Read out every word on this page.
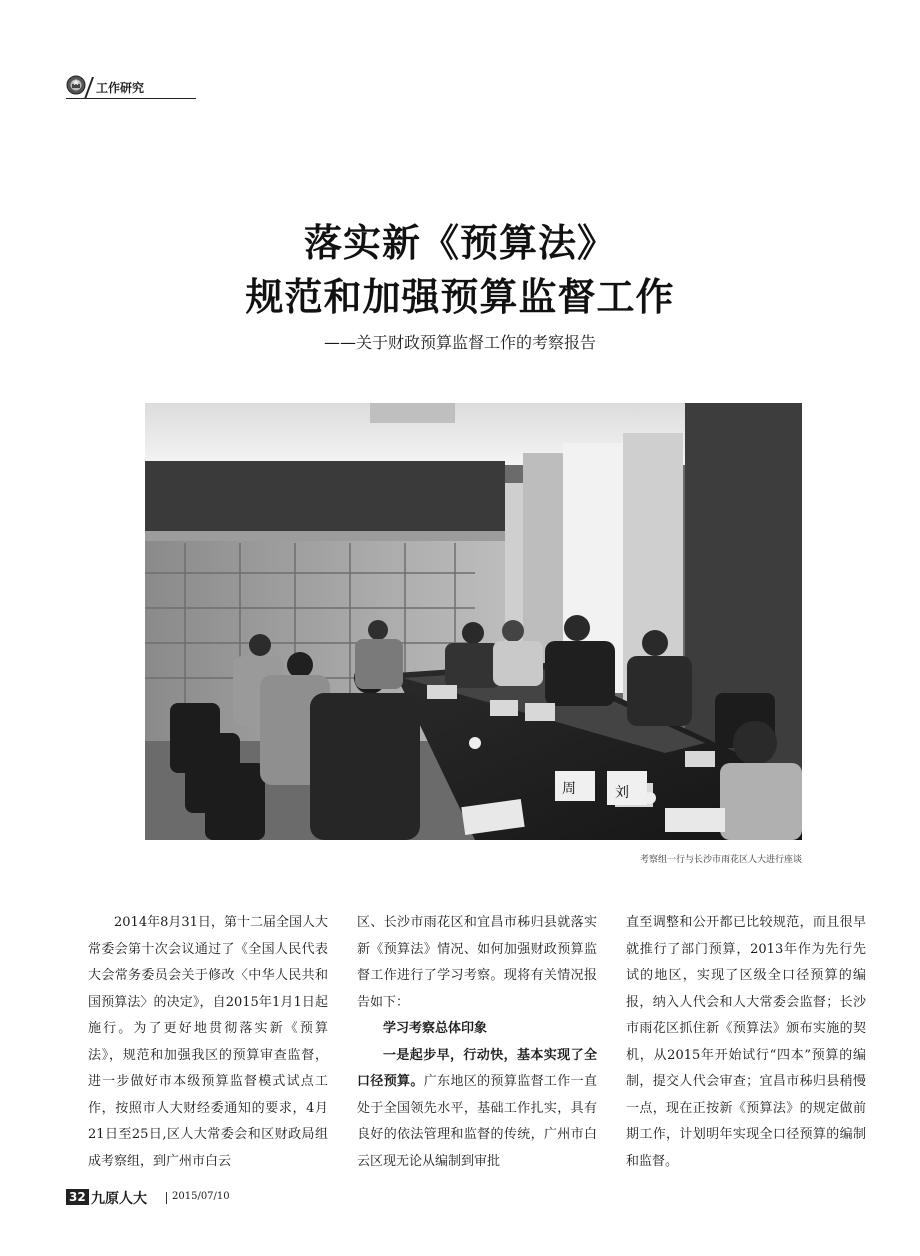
工作研究
落实新《预算法》
规范和加强预算监督工作
——关于财政预算监督工作的考察报告
周	刘
考察组一行与长沙市雨花区人大进行座谈

2014年8月31日，第十二届全国人大常委会第十次会议通过了《全国人民代表大会常务委员会关于修改〈中华人民共和国预算法〉的决定》，自2015年1月1日起施行。为了更好地贯彻落实新《预算法》，规范和加强我区的预算审查监督，进一步做好市本级预算监督模式试点工作，按照市人大财经委通知的要求，4月21日至25日,区人大常委会和区财政局组成考察组，到广州市白云

区、长沙市雨花区和宜昌市秭归县就落实新《预算法》情况、如何加强财政预算监督工作进行了学习考察。现将有关情况报告如下：

学习考察总体印象

一是起步早，行动快，基本实现了全口径预算。广东地区的预算监督工作一直处于全国领先水平，基础工作扎实，具有良好的依法管理和监督的传统，广州市白云区现无论从编制到审批

直至调整和公开都已比较规范，而且很早就推行了部门预算，2013年作为先行先试的地区，实现了区级全口径预算的编报，纳入人代会和人大常委会监督；长沙市雨花区抓住新《预算法》颁布实施的契机，从2015年开始试行“四本”预算的编制，提交人代会审查；宜昌市秭归县稍慢一点，现在正按新《预算法》的规定做前期工作，计划明年实现全口径预算的编制和监督。

32 九原人大	2015/07/10
